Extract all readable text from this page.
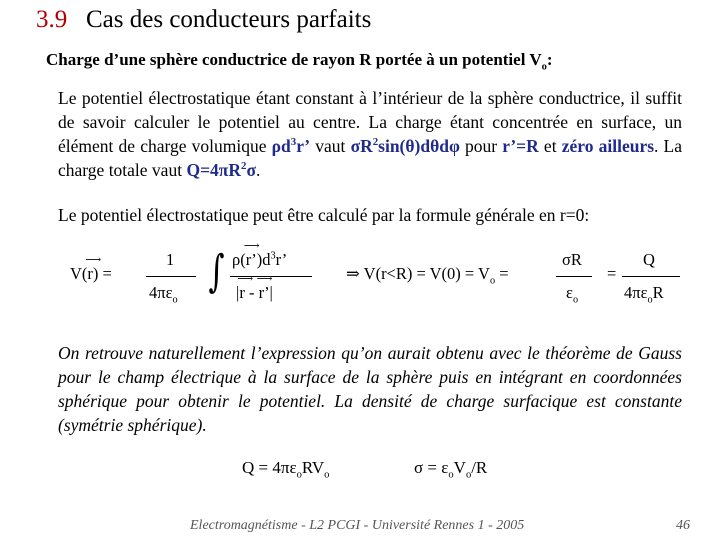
3.9 Cas des conducteurs parfaits
Charge d’une sphère conductrice de rayon R portée à un potentiel $V_o$:
Le potentiel électrostatique étant constant à l’intérieur de la sphère conductrice, il suffit de savoir calculer le potentiel au centre. La charge étant concentrée en surface, un élément de charge volumique $\rho d^3r$’ vaut $\sigma R^2\sin(\theta)d\theta d\varphi$ pour r’=R et zéro ailleurs. La charge totale vaut $Q=4\pi R^2\sigma$.
Le potentiel électrostatique peut être calculé par la formule générale en r=0:
V(⟶ r) =
1
$4\pi\varepsilon_o$
∫ ρ(⟶ $r’)d^3r$’
|⟶ r - ⟶ r’|
⇒ $V(r<R) = V(0) = V_o$ =
σR
$\varepsilon_o$
=
Q
$4\pi\varepsilon_oR$
On retrouve naturellement l’expression qu’on aurait obtenu avec le théorème de Gauss pour le champ électrique à la surface de la sphère puis en intégrant en coordonnées sphérique pour obtenir le potentiel. La densité de charge surfacique est constante (symétrie sphérique).
$Q = 4\pi\varepsilon_oRV_o$	$\sigma = \varepsilon_oV_o/R$
Electromagnétisme - L2 PCGI - Université Rennes 1 - 2005	46
